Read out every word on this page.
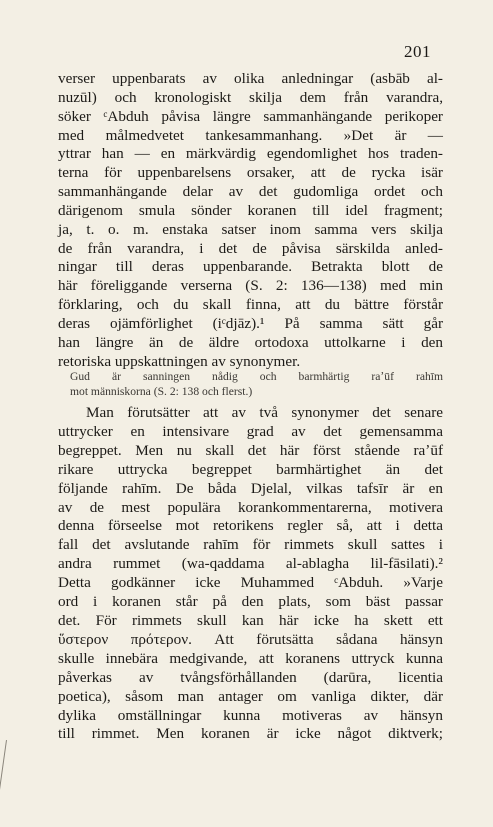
201
verser uppenbarats av olika anledningar (asbāb al-
nuzūl) och kronologiskt skilja dem från varandra,
söker ᶜAbduh påvisa längre sammanhängande perikoper
med målmedvetet tankesammanhang. »Det är —
yttrar han — en märkvärdig egendomlighet hos traden-
terna för uppenbarelsens orsaker, att de rycka isär
sammanhängande delar av det gudomliga ordet och
därigenom smula sönder koranen till idel fragment;
ja, t. o. m. enstaka satser inom samma vers skilja
de från varandra, i det de påvisa särskilda anled-
ningar till deras uppenbarande. Betrakta blott de
här föreliggande verserna (S. 2: 136—138) med min
förklaring, och du skall finna, att du bättre förstår
deras ojämförlighet (iᶜdjāz).¹ På samma sätt går
han längre än de äldre ortodoxa uttolkarne i den
retoriska uppskattningen av synonymer.
Gud är sanningen nådig och barmhärtig raʼūf rahīm
mot människorna (S. 2: 138 och flerst.)
Man förutsätter att av två synonymer det senare
uttrycker en intensivare grad av det gemensamma
begreppet. Men nu skall det här först stående raʼūf
rikare uttrycka begreppet barmhärtighet än det
följande rahīm. De båda Djelal, vilkas tafsīr är en
av de mest populära korankommentarerna, motivera
denna förseelse mot retorikens regler så, att i detta
fall det avslutande rahīm för rimmets skull sattes i
andra rummet (wa-qaddama al-ablagha lil-fāsilati).²
Detta godkänner icke Muhammed ᶜAbduh. »Varje
ord i koranen står på den plats, som bäst passar
det. För rimmets skull kan här icke ha skett ett
ὕστερον πρότερον. Att förutsätta sådana hänsyn
skulle innebära medgivande, att koranens uttryck kunna
påverkas av tvångsförhållanden (darūra, licentia
poetica), såsom man antager om vanliga dikter, där
dylika omställningar kunna motiveras av hänsyn
till rimmet. Men koranen är icke något diktverk;
